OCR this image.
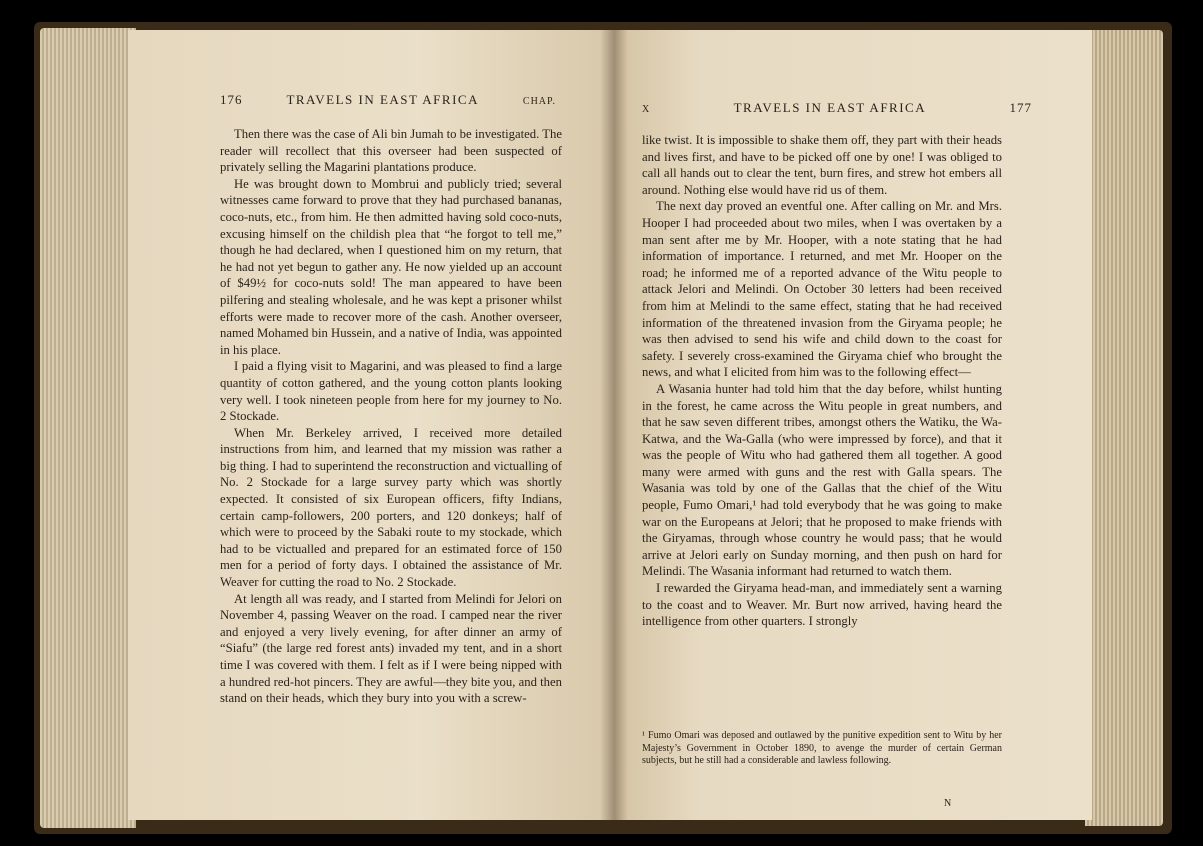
176	TRAVELS IN EAST AFRICA	CHAP.

Then there was the case of Ali bin Jumah to be investigated. The reader will recollect that this overseer had been suspected of privately selling the Magarini plantations produce.

He was brought down to Mombrui and publicly tried; several witnesses came forward to prove that they had purchased bananas, coco-nuts, etc., from him. He then admitted having sold coco-nuts, excusing himself on the childish plea that “he forgot to tell me,” though he had declared, when I questioned him on my return, that he had not yet begun to gather any. He now yielded up an account of $49½ for coco-nuts sold! The man appeared to have been pilfering and stealing wholesale, and he was kept a prisoner whilst efforts were made to recover more of the cash. Another overseer, named Mohamed bin Hussein, and a native of India, was appointed in his place.

I paid a flying visit to Magarini, and was pleased to find a large quantity of cotton gathered, and the young cotton plants looking very well. I took nineteen people from here for my journey to No. 2 Stockade.

When Mr. Berkeley arrived, I received more detailed instructions from him, and learned that my mission was rather a big thing. I had to superintend the reconstruction and victualling of No. 2 Stockade for a large survey party which was shortly expected. It consisted of six European officers, fifty Indians, certain camp-followers, 200 porters, and 120 donkeys; half of which were to proceed by the Sabaki route to my stockade, which had to be victualled and prepared for an estimated force of 150 men for a period of forty days. I obtained the assistance of Mr. Weaver for cutting the road to No. 2 Stockade.

At length all was ready, and I started from Melindi for Jelori on November 4, passing Weaver on the road. I camped near the river and enjoyed a very lively evening, for after dinner an army of “Siafu” (the large red forest ants) invaded my tent, and in a short time I was covered with them. I felt as if I were being nipped with a hundred red-hot pincers. They are awful—they bite you, and then stand on their heads, which they bury into you with a screw-

X	TRAVELS IN EAST AFRICA	177

like twist. It is impossible to shake them off, they part with their heads and lives first, and have to be picked off one by one! I was obliged to call all hands out to clear the tent, burn fires, and strew hot embers all around. Nothing else would have rid us of them.

The next day proved an eventful one. After calling on Mr. and Mrs. Hooper I had proceeded about two miles, when I was overtaken by a man sent after me by Mr. Hooper, with a note stating that he had information of importance. I returned, and met Mr. Hooper on the road; he informed me of a reported advance of the Witu people to attack Jelori and Melindi. On October 30 letters had been received from him at Melindi to the same effect, stating that he had received information of the threatened invasion from the Giryama people; he was then advised to send his wife and child down to the coast for safety. I severely cross-examined the Giryama chief who brought the news, and what I elicited from him was to the following effect—

A Wasania hunter had told him that the day before, whilst hunting in the forest, he came across the Witu people in great numbers, and that he saw seven different tribes, amongst others the Watiku, the Wa-Katwa, and the Wa-Galla (who were impressed by force), and that it was the people of Witu who had gathered them all together. A good many were armed with guns and the rest with Galla spears. The Wasania was told by one of the Gallas that the chief of the Witu people, Fumo Omari,¹ had told everybody that he was going to make war on the Europeans at Jelori; that he proposed to make friends with the Giryamas, through whose country he would pass; that he would arrive at Jelori early on Sunday morning, and then push on hard for Melindi. The Wasania informant had returned to watch them.

I rewarded the Giryama head-man, and immediately sent a warning to the coast and to Weaver. Mr. Burt now arrived, having heard the intelligence from other quarters. I strongly

¹ Fumo Omari was deposed and outlawed by the punitive expedition sent to Witu by her Majesty’s Government in October 1890, to avenge the murder of certain German subjects, but he still had a considerable and lawless following.
N
